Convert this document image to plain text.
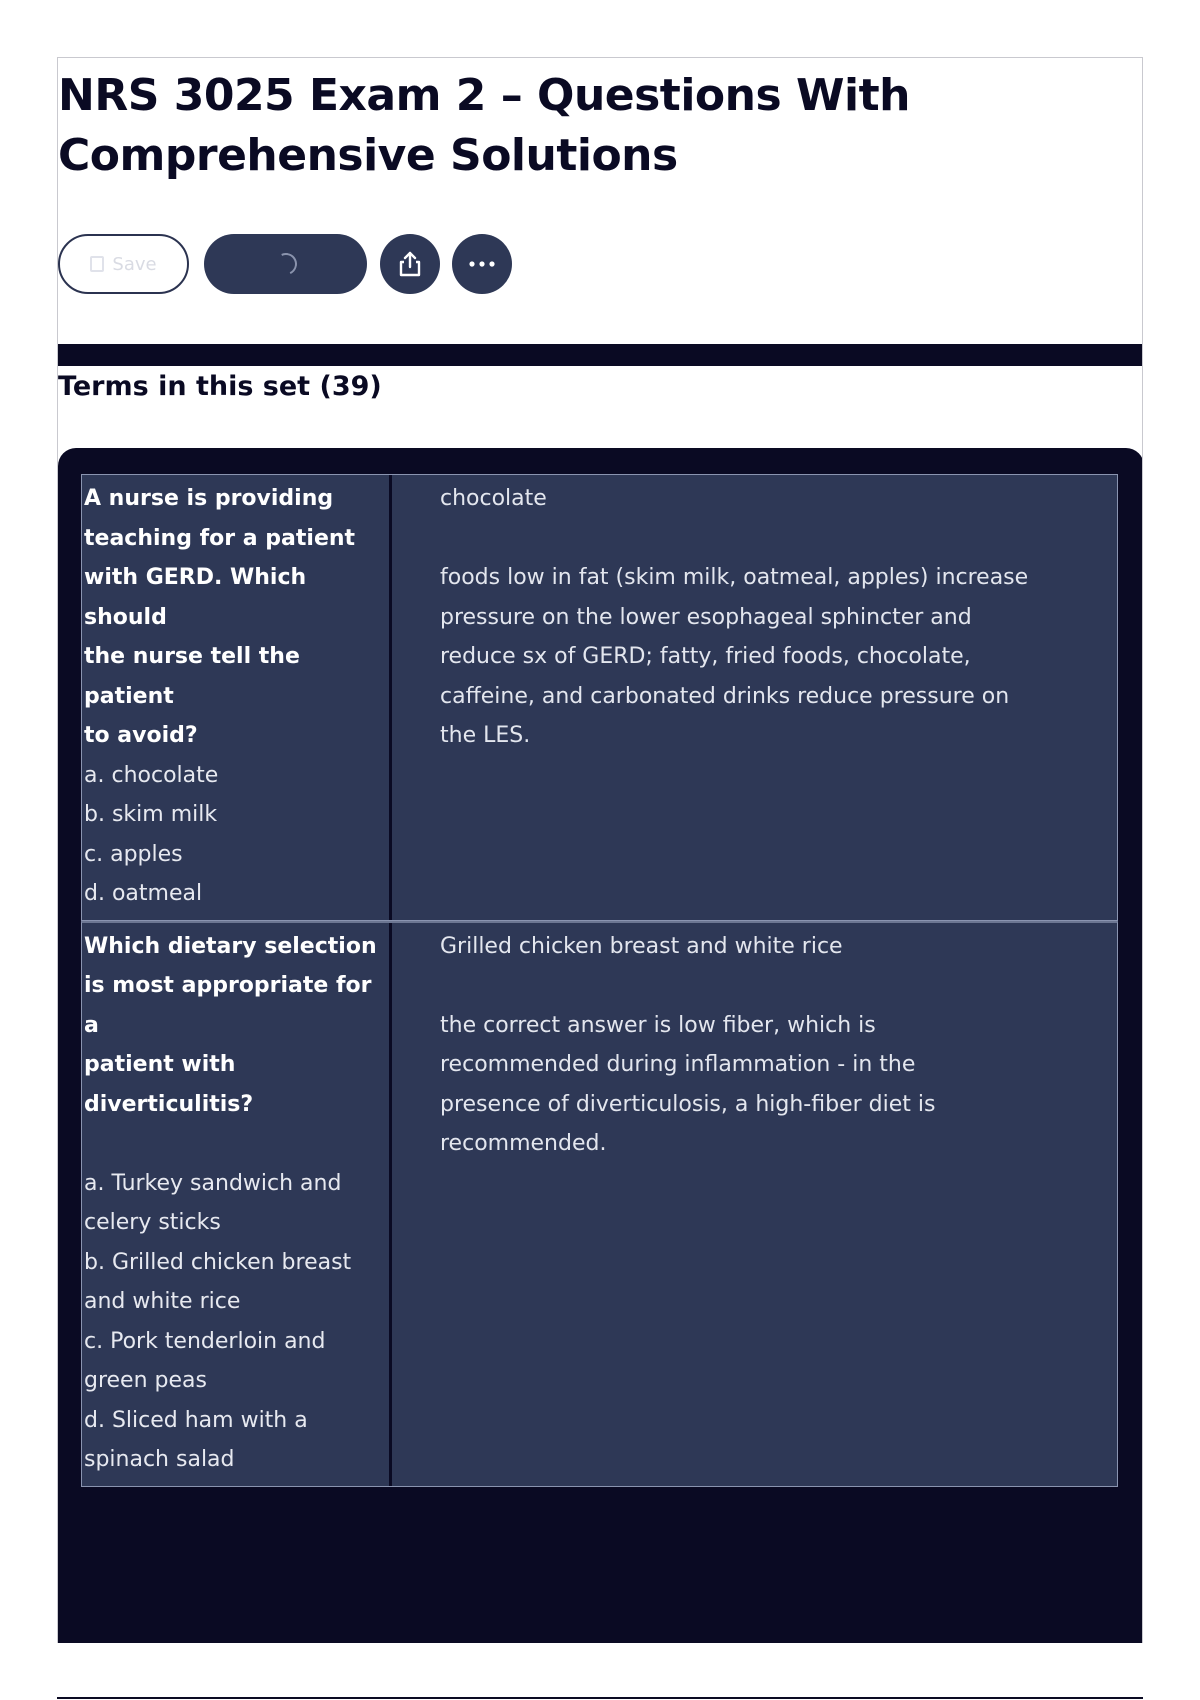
NRS 3025 Exam 2 – Questions With Comprehensive Solutions
Save
Terms in this set (39)
A nurse is providing
teaching for a patient
with GERD. Which should
the nurse tell the patient
to avoid?
a. chocolate
b. skim milk
c. apples
d. oatmeal
chocolate
foods low in fat (skim milk, oatmeal, apples) increase
pressure on the lower esophageal sphincter and
reduce sx of GERD; fatty, fried foods, chocolate,
caffeine, and carbonated drinks reduce pressure on
the LES.
Which dietary selection
is most appropriate for a
patient with
diverticulitis?
a. Turkey sandwich and
celery sticks
b. Grilled chicken breast
and white rice
c. Pork tenderloin and
green peas
d. Sliced ham with a
spinach salad
Grilled chicken breast and white rice
the correct answer is low fiber, which is
recommended during inflammation - in the
presence of diverticulosis, a high-fiber diet is
recommended.
